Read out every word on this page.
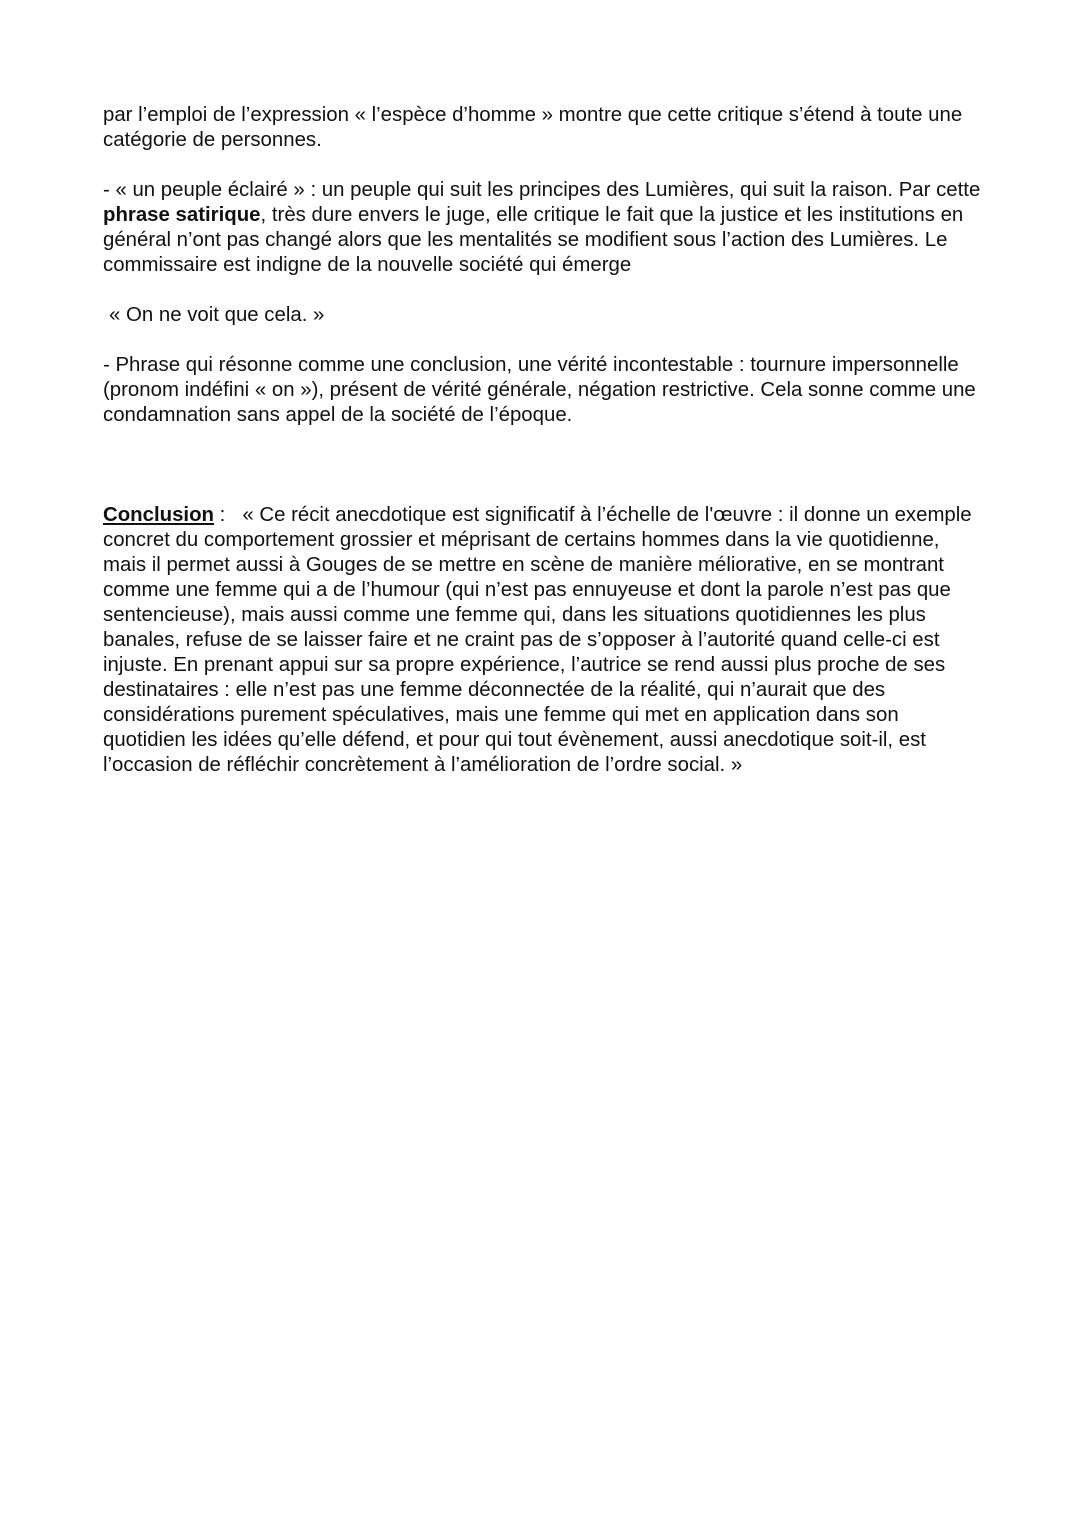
par l’emploi de l’expression « l’espèce d’homme » montre que cette critique s’étend à toute une catégorie de personnes.

- « un peuple éclairé » : un peuple qui suit les principes des Lumières, qui suit la raison. Par cette phrase satirique, très dure envers le juge, elle critique le fait que la justice et les institutions en général n’ont pas changé alors que les mentalités se modifient sous l’action des Lumières. Le commissaire est indigne de la nouvelle société qui émerge

« On ne voit que cela. »

- Phrase qui résonne comme une conclusion, une vérité incontestable : tournure impersonnelle (pronom indéfini « on »), présent de vérité générale, négation restrictive. Cela sonne comme une condamnation sans appel de la société de l’époque.

Conclusion :   « Ce récit anecdotique est significatif à l’échelle de l'œuvre : il donne un exemple concret du comportement grossier et méprisant de certains hommes dans la vie quotidienne, mais il permet aussi à Gouges de se mettre en scène de manière méliorative, en se montrant comme une femme qui a de l’humour (qui n’est pas ennuyeuse et dont la parole n’est pas que sentencieuse), mais aussi comme une femme qui, dans les situations quotidiennes les plus banales, refuse de se laisser faire et ne craint pas de s’opposer à l’autorité quand celle-ci est injuste. En prenant appui sur sa propre expérience, l’autrice se rend aussi plus proche de ses destinataires : elle n’est pas une femme déconnectée de la réalité, qui n’aurait que des considérations purement spéculatives, mais une femme qui met en application dans son quotidien les idées qu’elle défend, et pour qui tout évènement, aussi anecdotique soit-il, est l’occasion de réfléchir concrètement à l’amélioration de l’ordre social. »
